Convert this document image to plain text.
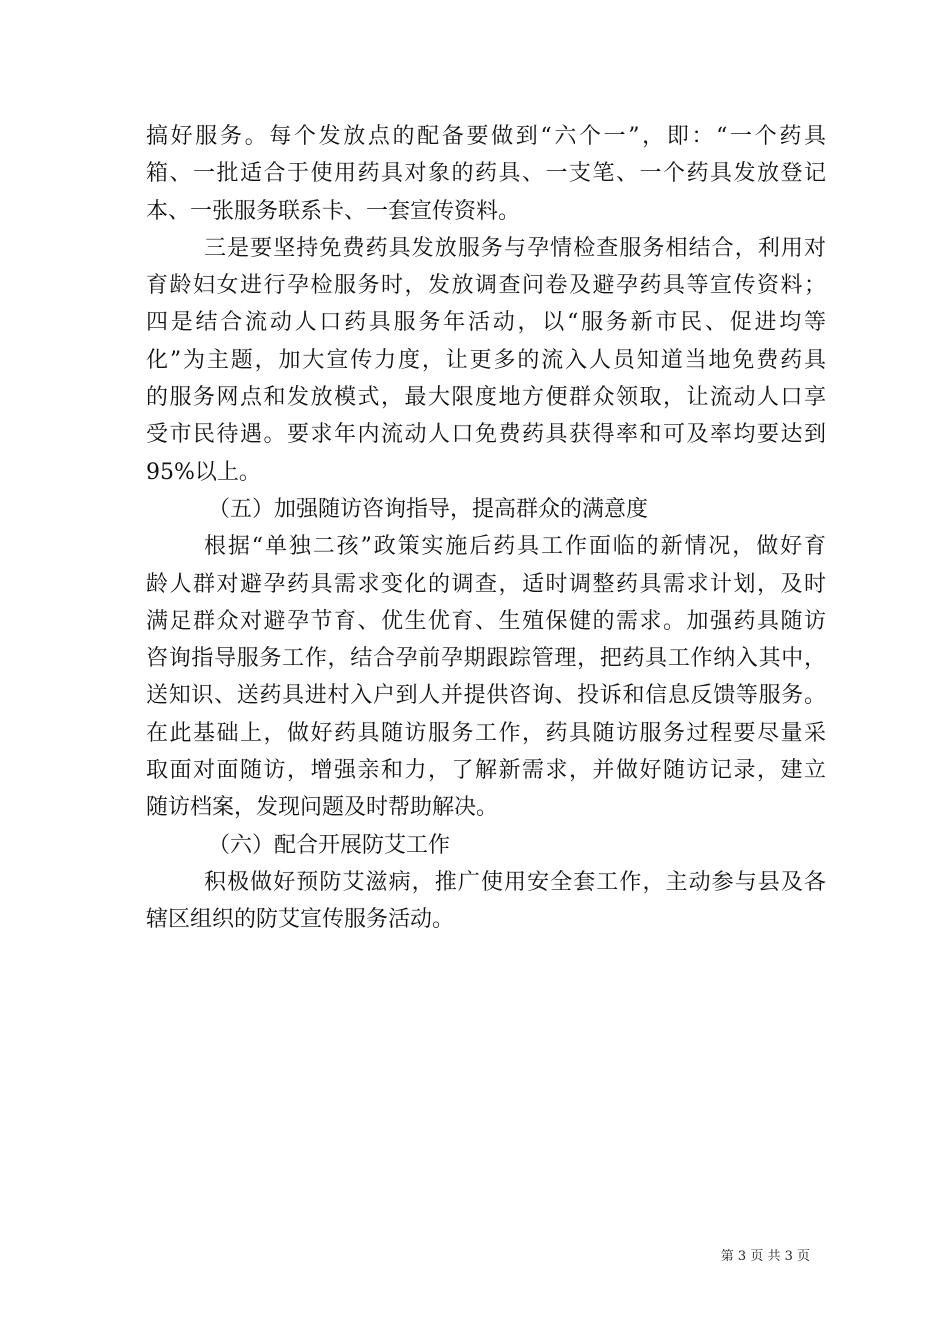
搞好服务。每个发放点的配备要做到“六个一”，即：“一个药具
箱、一批适合于使用药具对象的药具、一支笔、一个药具发放登记
本、一张服务联系卡、一套宣传资料。
三是要坚持免费药具发放服务与孕情检查服务相结合，利用对
育龄妇女进行孕检服务时，发放调查问卷及避孕药具等宣传资料；
四是结合流动人口药具服务年活动，以“服务新市民、促进均等
化”为主题，加大宣传力度，让更多的流入人员知道当地免费药具
的服务网点和发放模式，最大限度地方便群众领取，让流动人口享
受市民待遇。要求年内流动人口免费药具获得率和可及率均要达到
95%以上。
（五）加强随访咨询指导，提高群众的满意度
根据“单独二孩”政策实施后药具工作面临的新情况，做好育
龄人群对避孕药具需求变化的调查，适时调整药具需求计划，及时
满足群众对避孕节育、优生优育、生殖保健的需求。加强药具随访
咨询指导服务工作，结合孕前孕期跟踪管理，把药具工作纳入其中，
送知识、送药具进村入户到人并提供咨询、投诉和信息反馈等服务。
在此基础上，做好药具随访服务工作，药具随访服务过程要尽量采
取面对面随访，增强亲和力，了解新需求，并做好随访记录，建立
随访档案，发现问题及时帮助解决。
（六）配合开展防艾工作
积极做好预防艾滋病，推广使用安全套工作，主动参与县及各
辖区组织的防艾宣传服务活动。
第 3 页 共 3 页
